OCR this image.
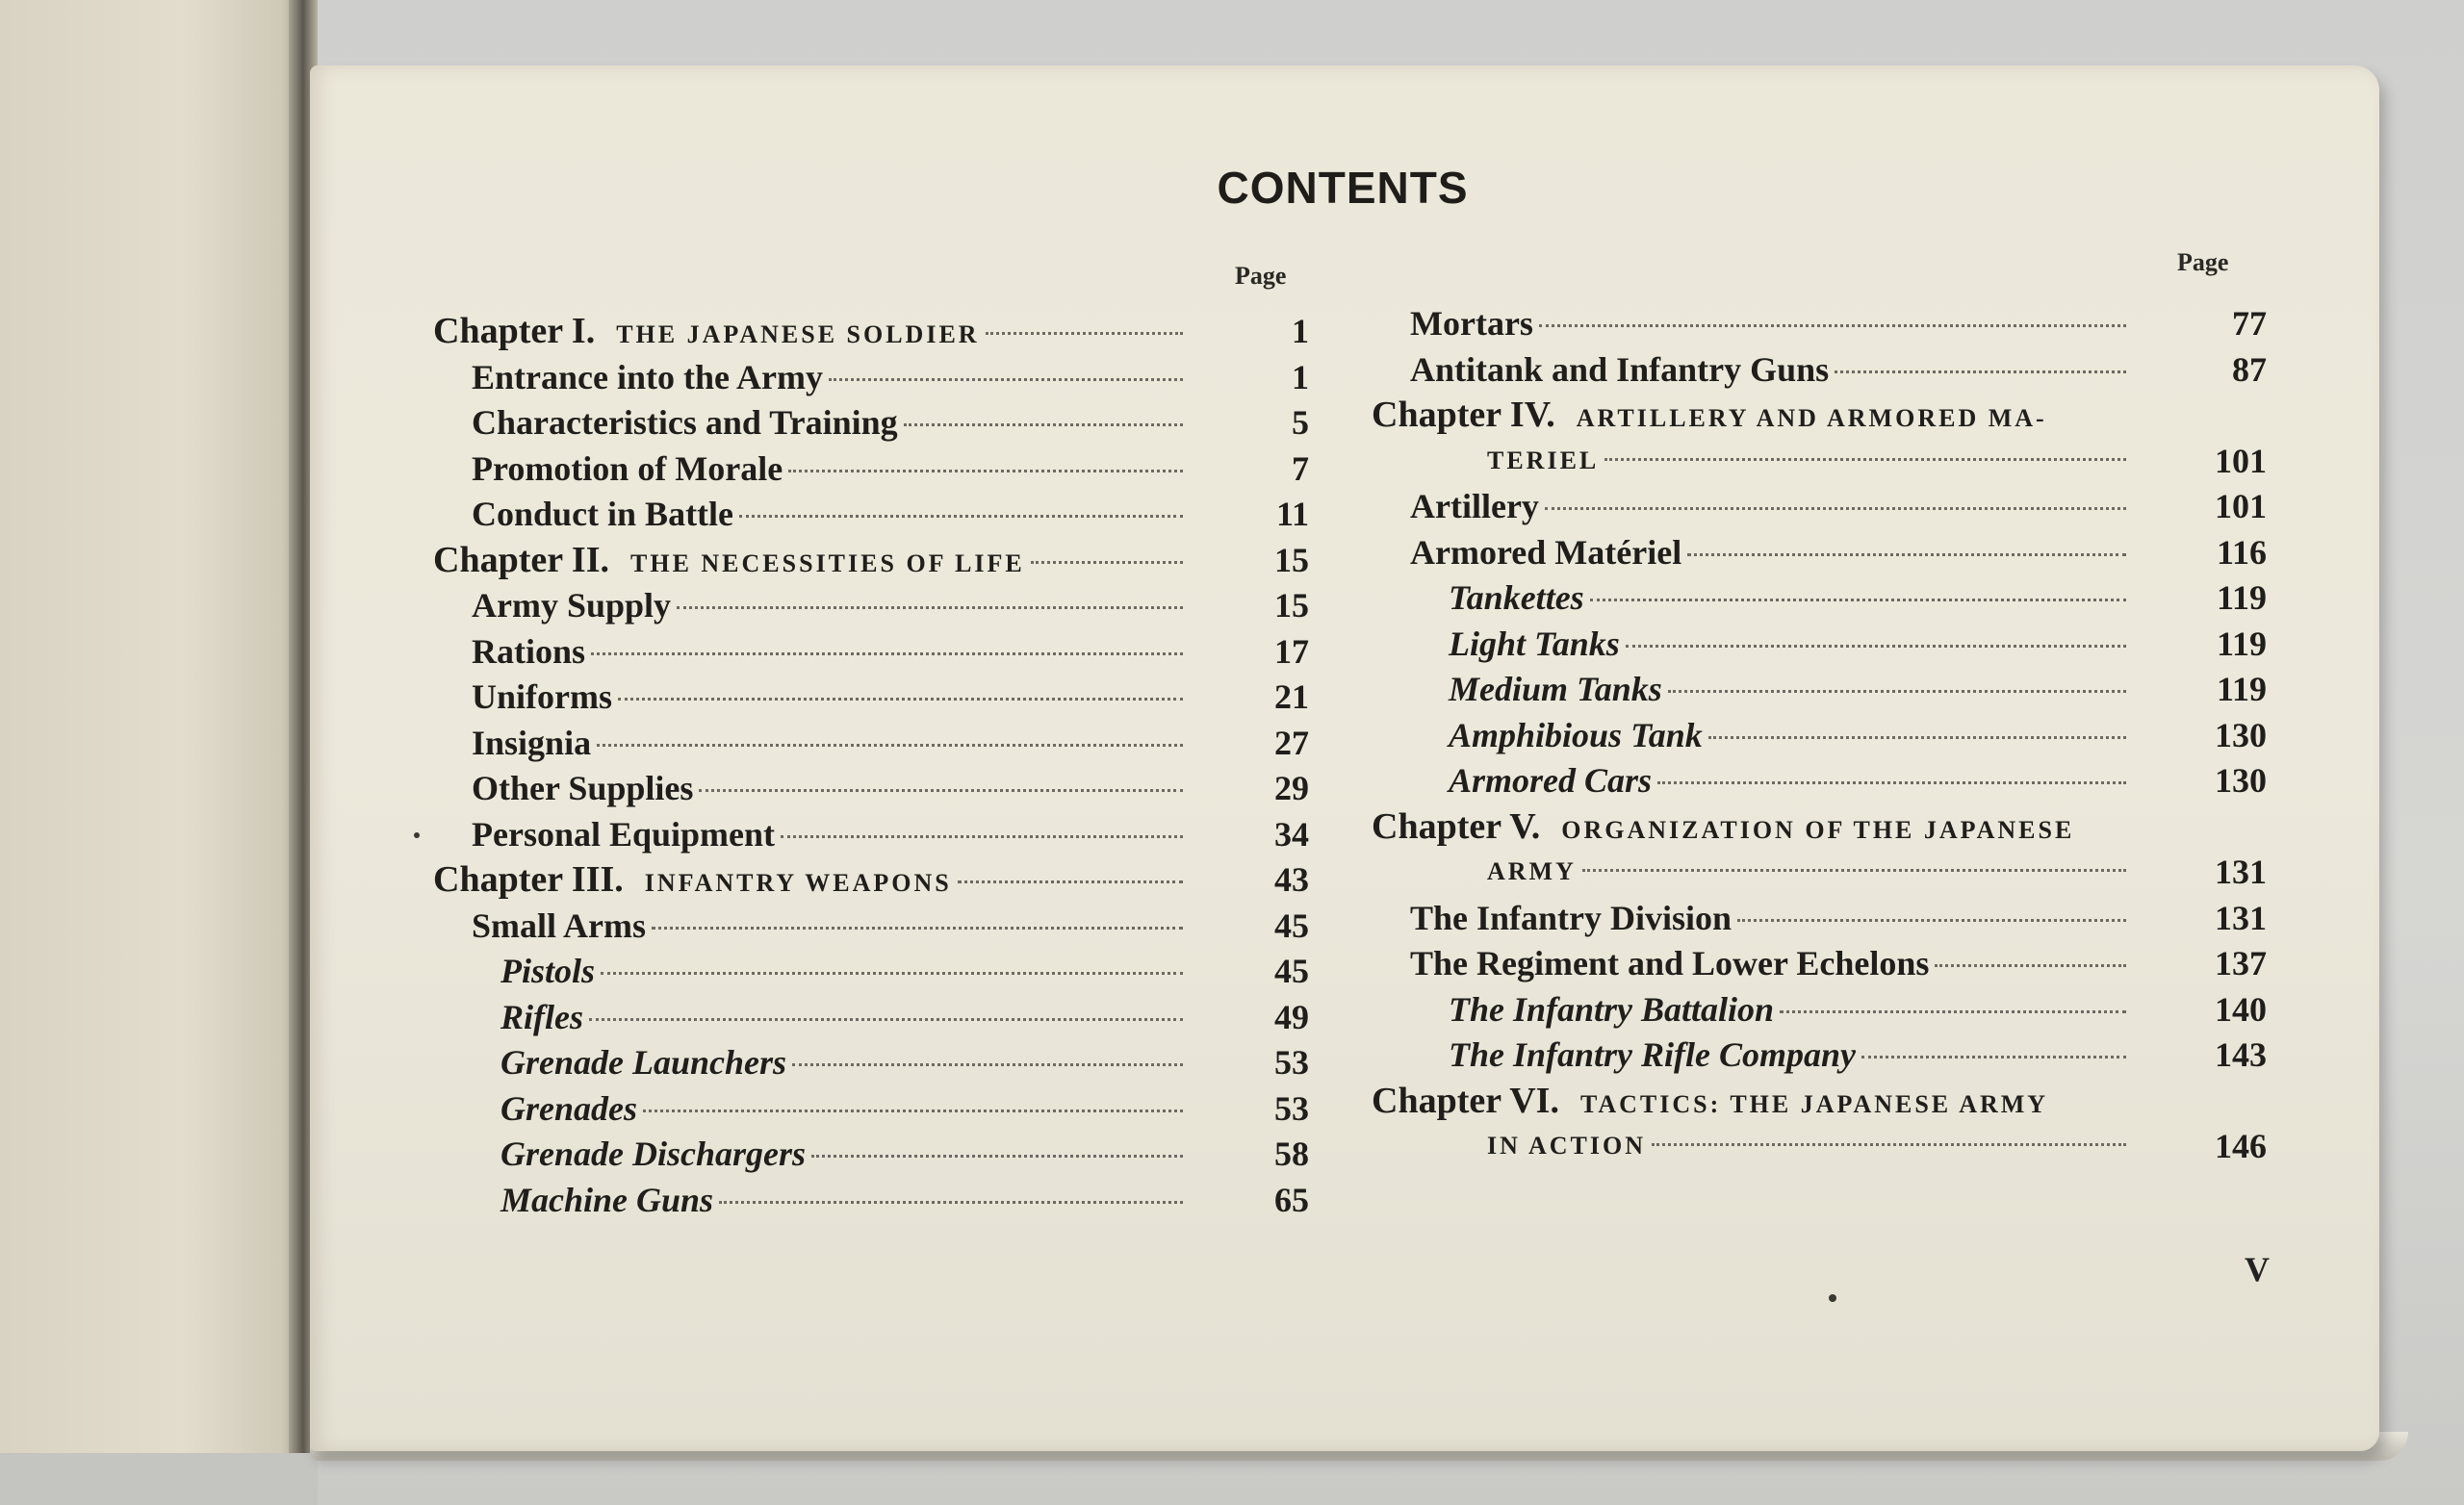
CONTENTS
Page	Page
Chapter I. THE JAPANESE SOLDIER	1
Entrance into the Army	1
Characteristics and Training	5
Promotion of Morale	7
Conduct in Battle	11
Chapter II. THE NECESSITIES OF LIFE	15
Army Supply	15
Rations	17
Uniforms	21
Insignia	27
Other Supplies	29
Personal Equipment	34
Chapter III. INFANTRY WEAPONS	43
Small Arms	45
Pistols	45
Rifles	49
Grenade Launchers	53
Grenades	53
Grenade Dischargers	58
Machine Guns	65
Mortars	77
Antitank and Infantry Guns	87
Chapter IV. ARTILLERY AND ARMORED MA-
TERIEL	101
Artillery	101
Armored Matériel	116
Tankettes	119
Light Tanks	119
Medium Tanks	119
Amphibious Tank	130
Armored Cars	130
Chapter V. ORGANIZATION OF THE JAPANESE
ARMY	131
The Infantry Division	131
The Regiment and Lower Echelons	137
The Infantry Battalion	140
The Infantry Rifle Company	143
Chapter VI. TACTICS: THE JAPANESE ARMY
IN ACTION	146
V
